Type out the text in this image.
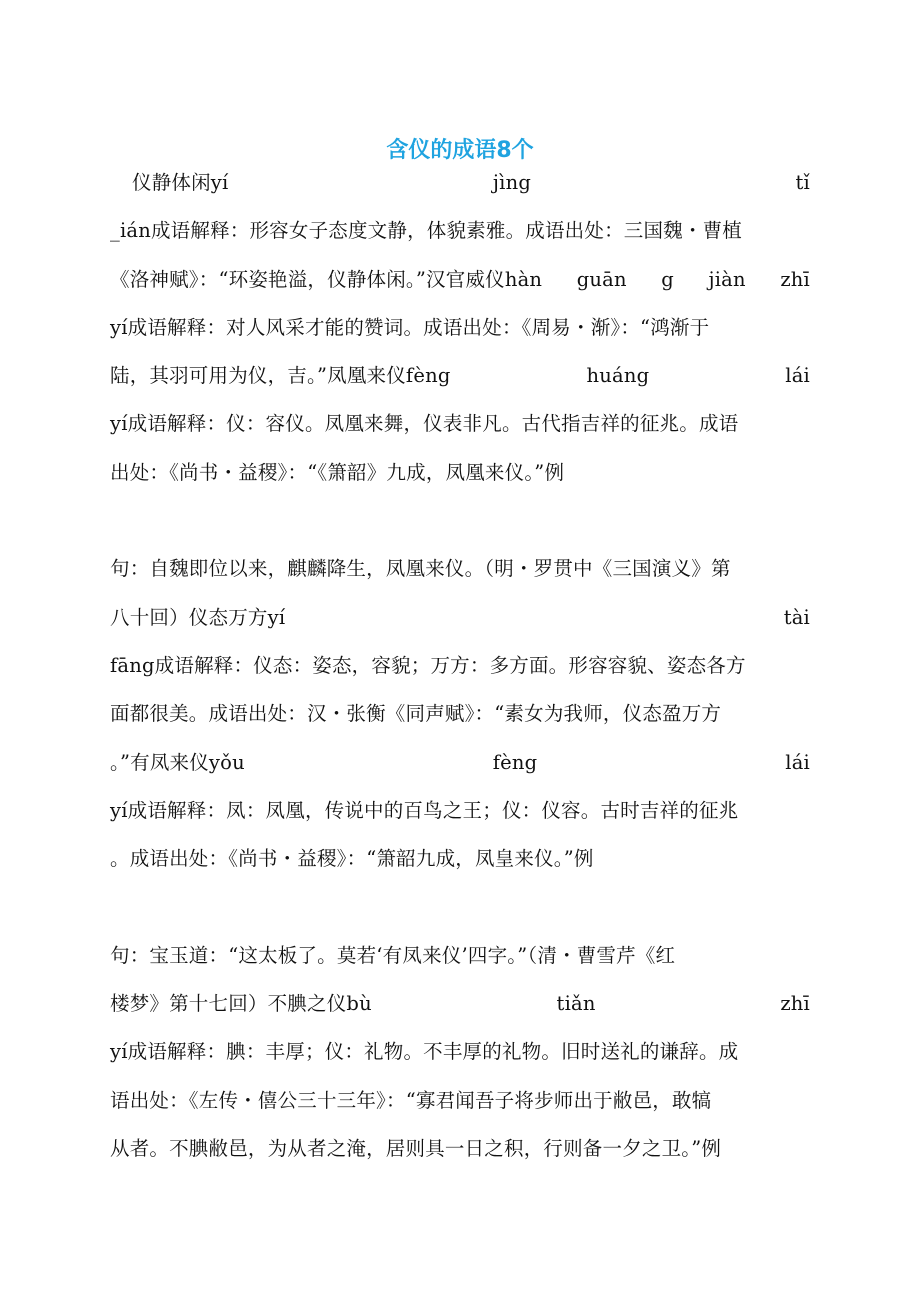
含仪的成语8个
仪静体闲yí	jìng	tǐ
_ián成语解释：形容女子态度文静，体貌素雅。成语出处：三国魏・曹植
《洛神赋》：“环姿艳溢，仪静体闲。”汉官威仪hàn guān g jiàn zhī
yí成语解释：对人风采才能的赞词。成语出处：《周易・渐》：“鸿渐于
陆，其羽可用为仪，吉。”凤凰来仪fèng	huáng	lái
yí成语解释：仪：容仪。凤凰来舞，仪表非凡。古代指吉祥的征兆。成语
出处：《尚书・益稷》：“《箫韶》九成，凤凰来仪。”例
句：自魏即位以来，麒麟降生，凤凰来仪。（明・罗贯中《三国演义》第
八十回）仪态万方yí	tài
fāng成语解释：仪态：姿态，容貌；万方：多方面。形容容貌、姿态各方
面都很美。成语出处：汉・张衡《同声赋》：“素女为我师，仪态盈万方
。”有凤来仪yǒu	fèng	lái
yí成语解释：凤：凤凰，传说中的百鸟之王；仪：仪容。古时吉祥的征兆
。成语出处：《尚书・益稷》：“箫韶九成，凤皇来仪。”例
句：宝玉道：“这太板了。莫若‘有凤来仪’四字。”（清・曹雪芹《红
楼梦》第十七回）不腆之仪bù	tiǎn	zhī
yí成语解释：腆：丰厚；仪：礼物。不丰厚的礼物。旧时送礼的谦辞。成
语出处：《左传・僖公三十三年》：“寡君闻吾子将步师出于敝邑，敢犒
从者。不腆敝邑，为从者之淹，居则具一日之积，行则备一夕之卫。”例
